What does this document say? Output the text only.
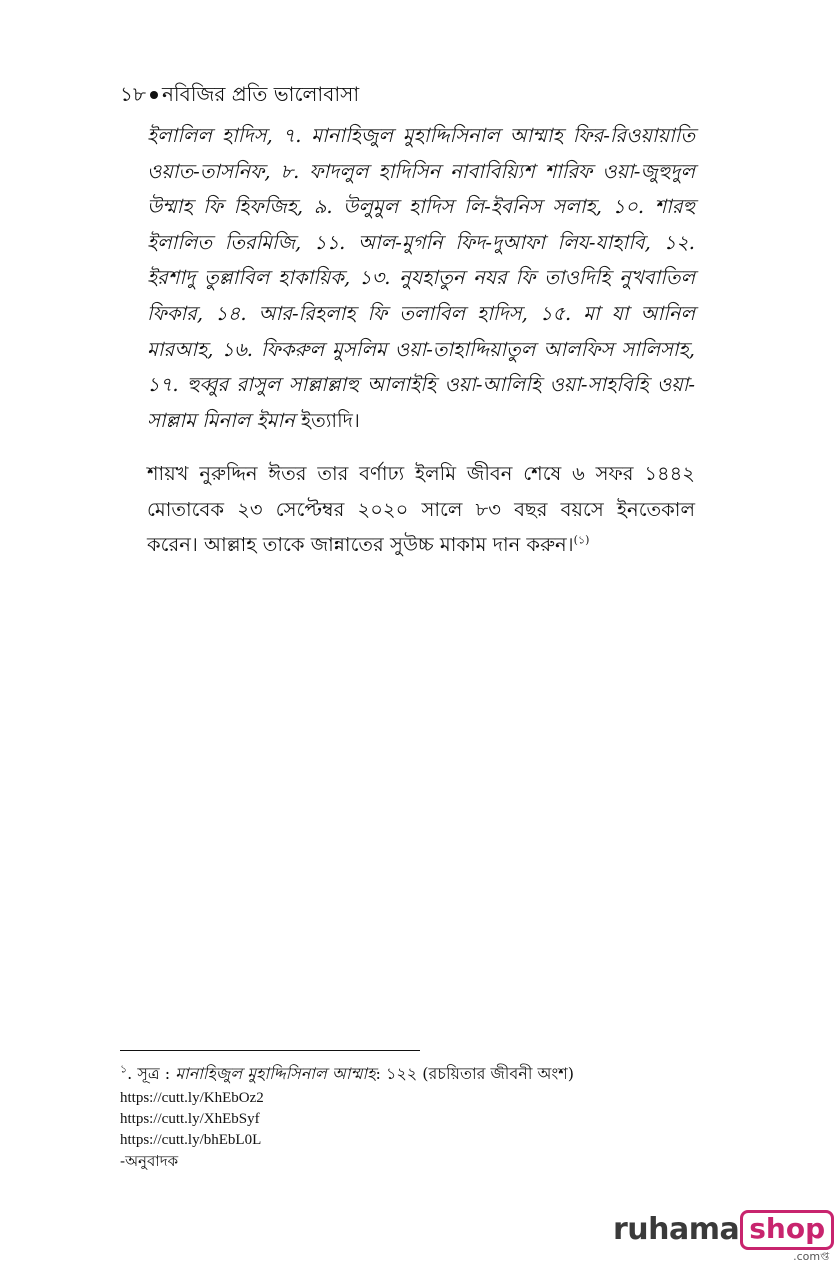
১৮ নবিজির প্রতি ভালোবাসা
ইলালিল হাদিস, ৭. মানাহিজুল মুহাদ্দিসিনাল আম্মাহ ফির-রিওয়ায়াতি ওয়াত-তাসনিফ, ৮. ফাদলুল হাদিসিন নাবাবিয়্যিশ শারিফ ওয়া-জুহুদুল উম্মাহ ফি হিফজিহ, ৯. উলুমুল হাদিস লি-ইবনিস সলাহ, ১০. শারহু ইলালিত তিরমিজি, ১১. আল-মুগনি ফিদ-দুআফা লিয-যাহাবি, ১২. ইরশাদু তুল্লাবিল হাকায়িক, ১৩. নুযহাতুন নযর ফি তাওদিহি নুখবাতিল ফিকার, ১৪. আর-রিহলাহ ফি তলাবিল হাদিস, ১৫. মা যা আনিল মারআহ, ১৬. ফিকরুল মুসলিম ওয়া-তাহাদ্দিয়াতুল আলফিস সালিসাহ, ১৭. হুব্বুর রাসুল সাল্লাল্লাহু আলাইহি ওয়া-আলিহি ওয়া-সাহবিহি ওয়া-সাল্লাম মিনাল ইমান ইত্যাদি।
শায়খ নুরুদ্দিন ঈতর তার বর্ণাঢ্য ইলমি জীবন শেষে ৬ সফর ১৪৪২ মোতাবেক ২৩ সেপ্টেম্বর ২০২০ সালে ৮৩ বছর বয়সে ইনতেকাল করেন। আল্লাহ তাকে জান্নাতের সুউচ্চ মাকাম দান করুন।$^{(১)}$
$^১$. সূত্র : মানাহিজুল মুহাদ্দিসিনাল আম্মাহ: ১২২ (রচয়িতার জীবনী অংশ)
https://cutt.ly/KhEbOz2
https://cutt.ly/XhEbSyf
https://cutt.ly/bhEbL0L
-অনুবাদক
ruhama shop
.comপ্ত
